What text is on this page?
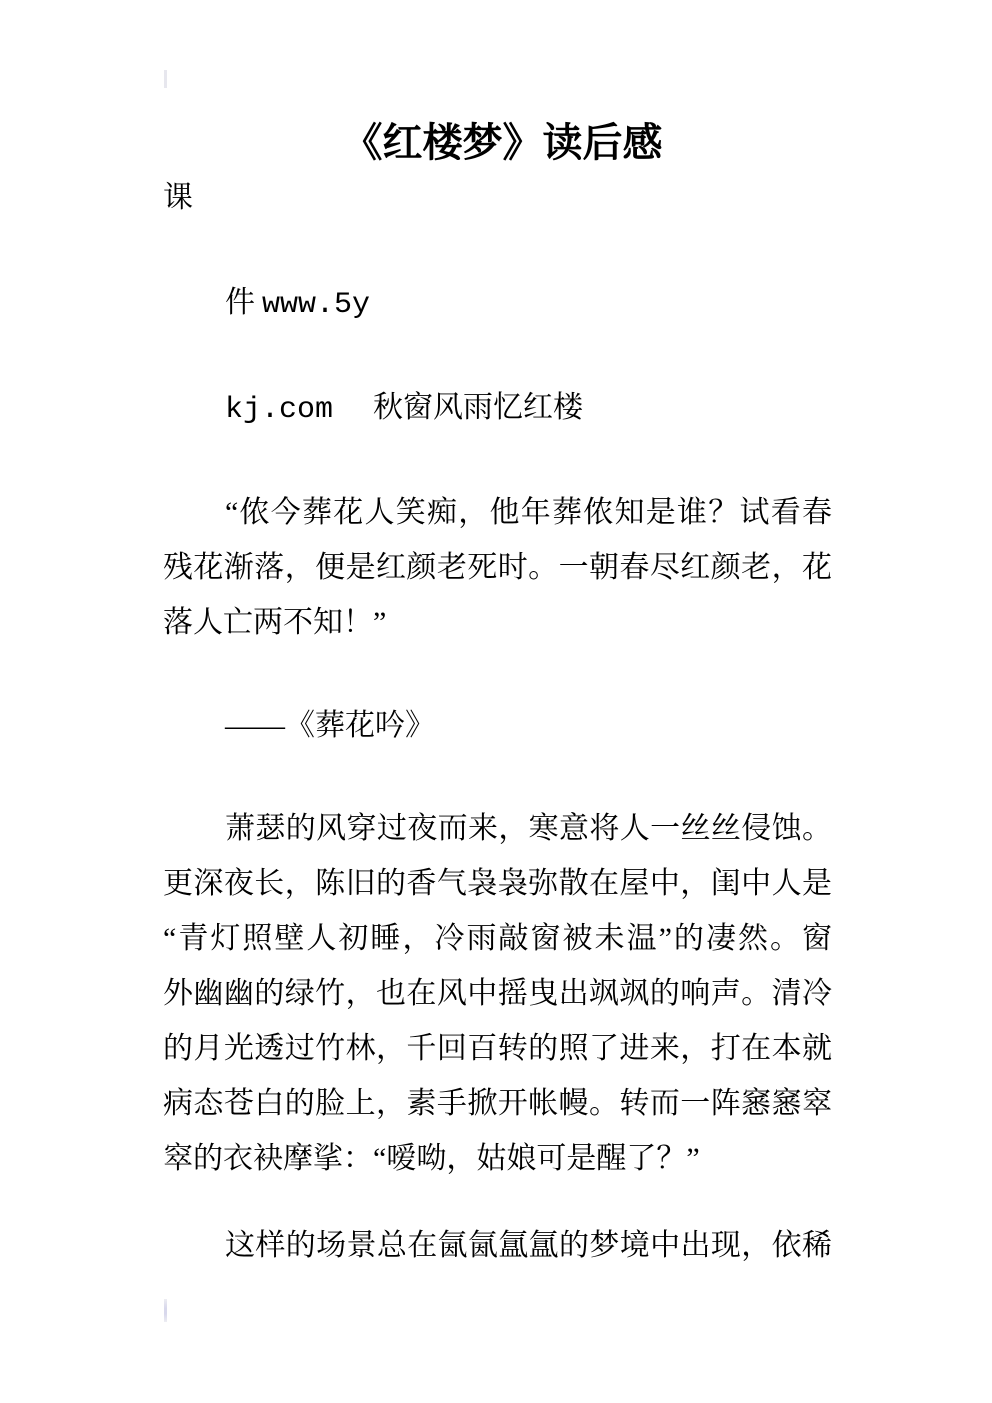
《红楼梦》读后感
课
件 www.5y
kj.com 秋窗风雨忆红楼
“侬今葬花人笑痴，他年葬侬知是谁？试看春
残花渐落，便是红颜老死时。一朝春尽红颜老，花
落人亡两不知！”
——《葬花吟》
萧瑟的风穿过夜而来，寒意将人一丝丝侵蚀。
更深夜长，陈旧的香气袅袅弥散在屋中，闺中人是
“青灯照壁人初睡，冷雨敲窗被未温”的凄然。窗
外幽幽的绿竹，也在风中摇曳出飒飒的响声。清冷
的月光透过竹林，千回百转的照了进来，打在本就
病态苍白的脸上，素手掀开帐幔。转而一阵窸窸窣
窣的衣袂摩挲：“嗳呦，姑娘可是醒了？”
这样的场景总在氤氤氲氲的梦境中出现，依稀
